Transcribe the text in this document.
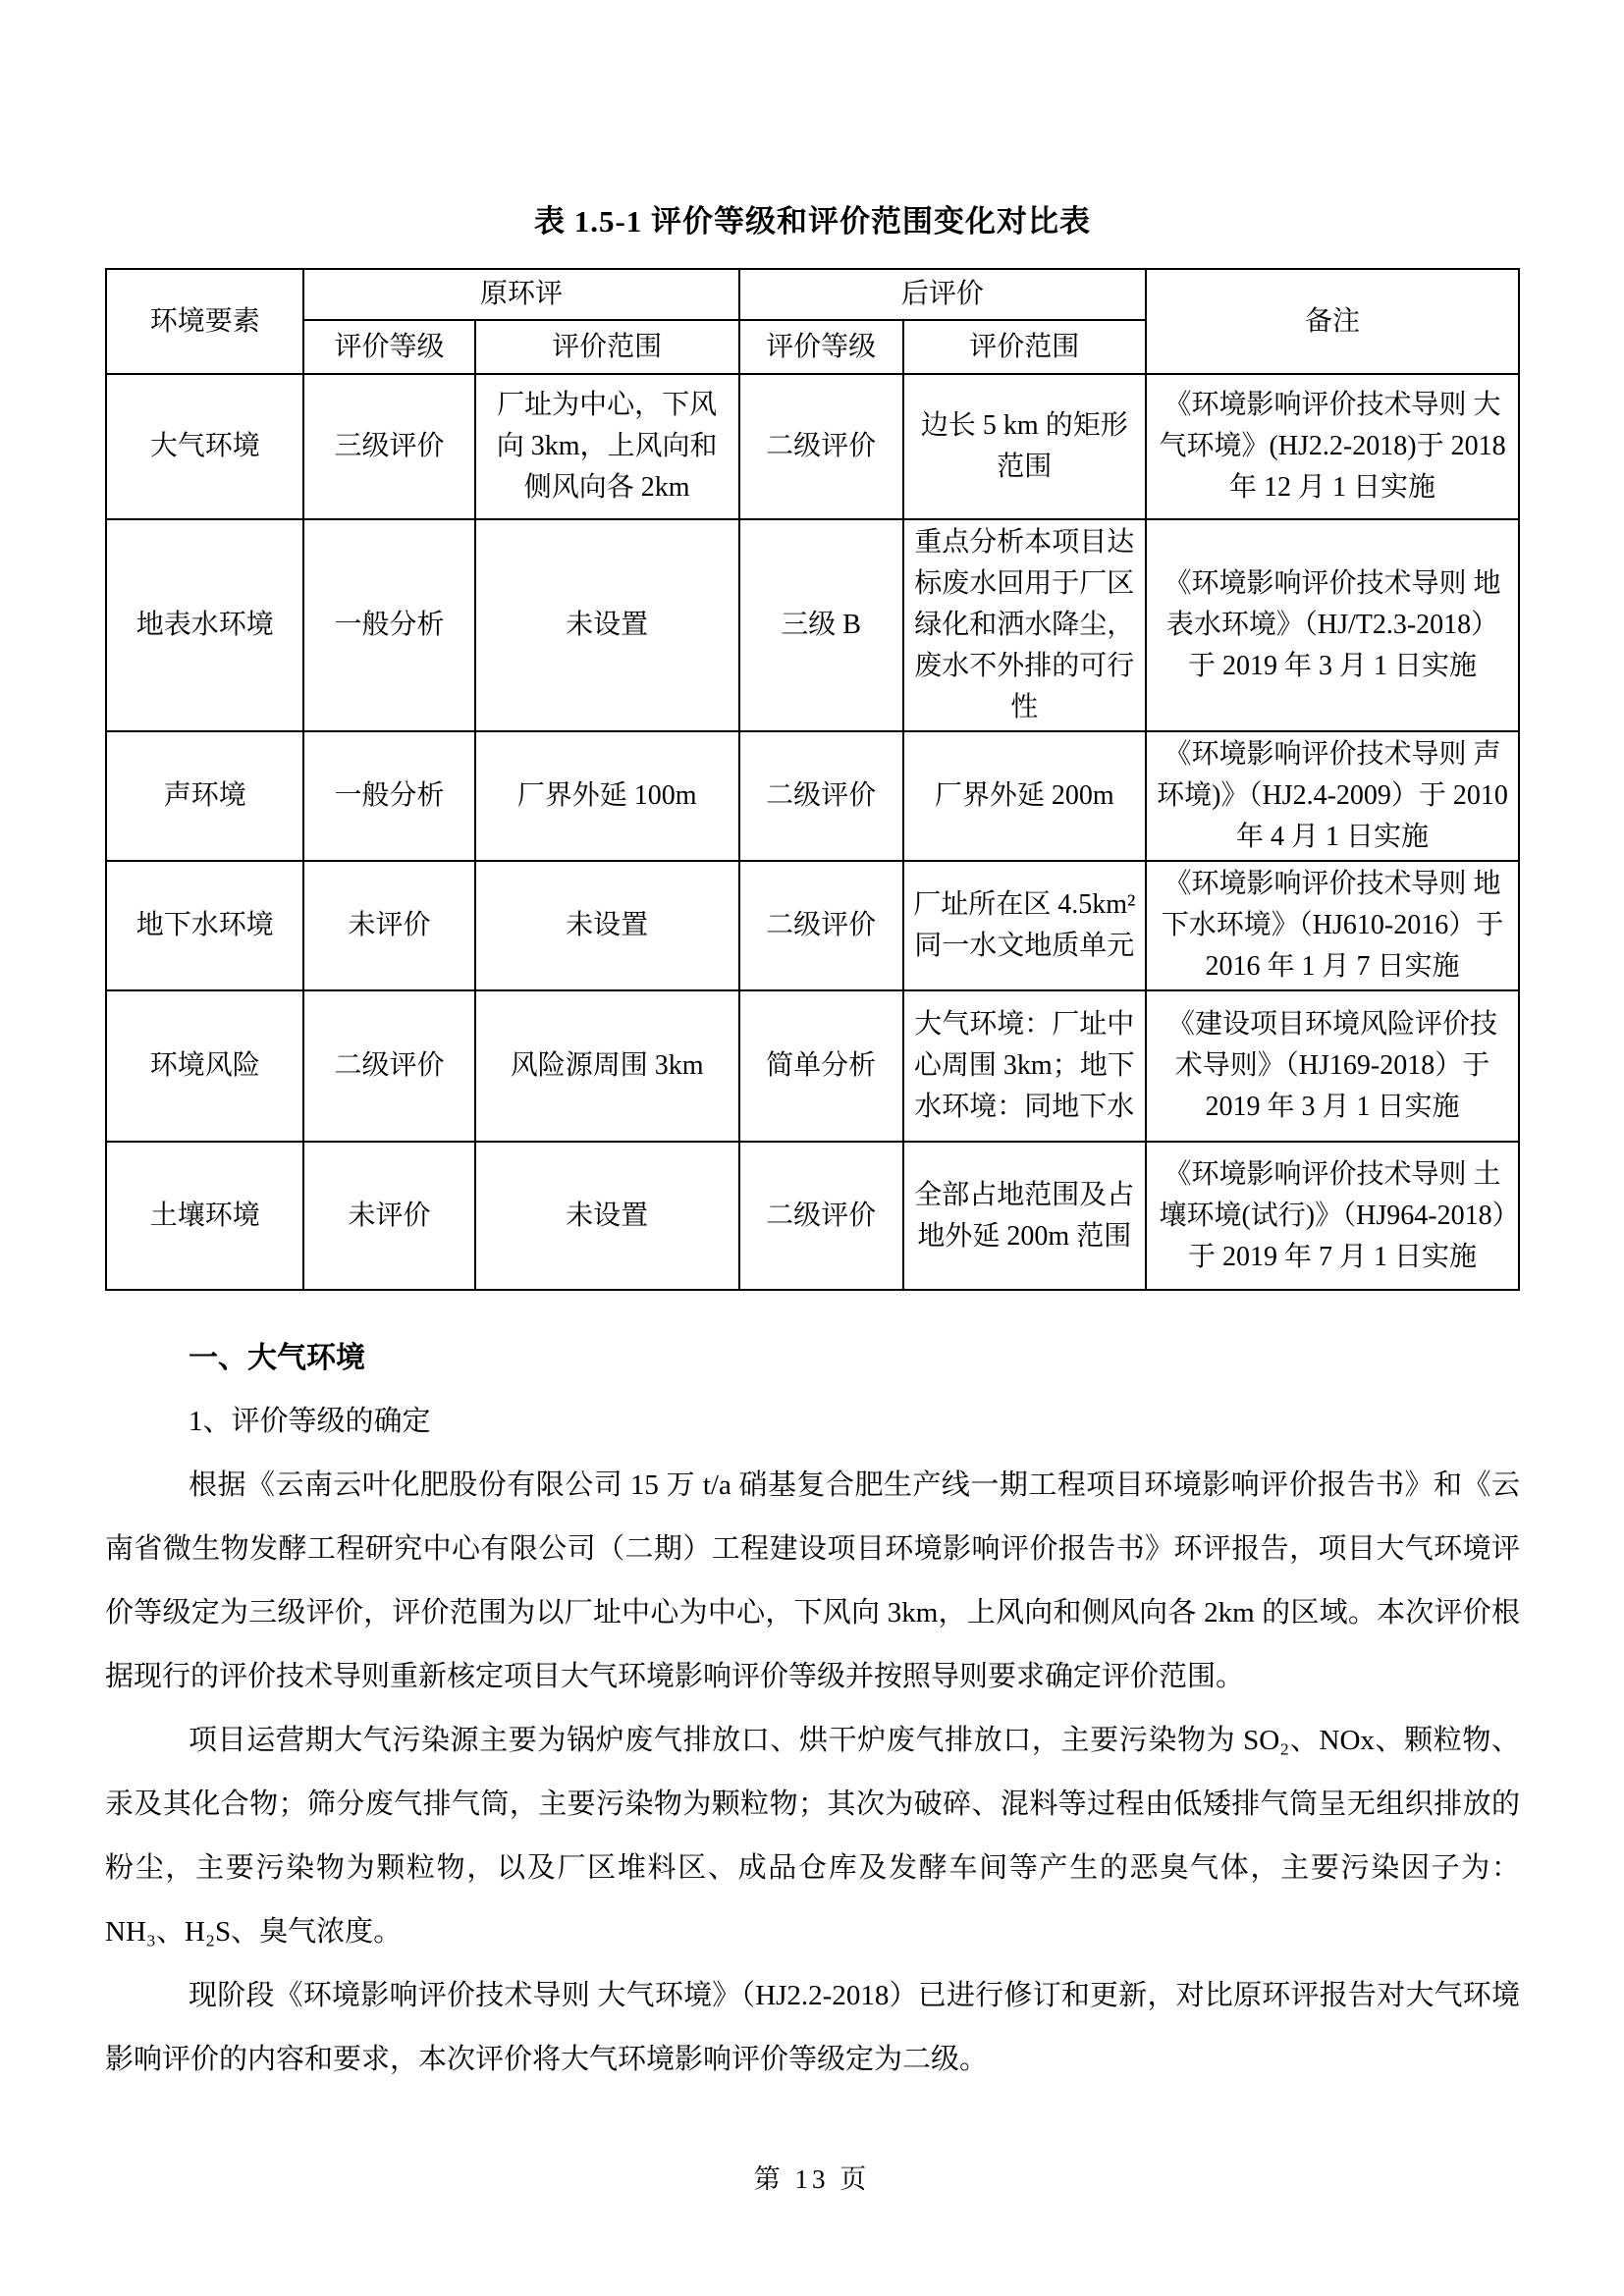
表 1.5-1 评价等级和评价范围变化对比表
环境要素	原环评		后评价		备注
	评价等级	评价范围	评价等级	评价范围	
大气环境	三级评价	厂址为中心，下风向 3km，上风向和侧风向各 2km	二级评价	边长 5 km 的矩形范围	《环境影响评价技术导则 大气环境》(HJ2.2-2018)于 2018 年 12 月 1 日实施
地表水环境	一般分析	未设置	三级 B	重点分析本项目达标废水回用于厂区绿化和洒水降尘，废水不外排的可行性	《环境影响评价技术导则 地表水环境》（HJ/T2.3-2018）于 2019 年 3 月 1 日实施
声环境	一般分析	厂界外延 100m	二级评价	厂界外延 200m	《环境影响评价技术导则 声环境)》（HJ2.4-2009）于 2010 年 4 月 1 日实施
地下水环境	未评价	未设置	二级评价	厂址所在区 4.5km² 同一水文地质单元	《环境影响评价技术导则 地下水环境》（HJ610-2016）于 2016 年 1 月 7 日实施
环境风险	二级评价	风险源周围 3km	简单分析	大气环境：厂址中心周围 3km；地下水环境：同地下水	《建设项目环境风险评价技术导则》（HJ169-2018）于 2019 年 3 月 1 日实施
土壤环境	未评价	未设置	二级评价	全部占地范围及占地外延 200m 范围	《环境影响评价技术导则 土壤环境(试行)》（HJ964-2018）于 2019 年 7 月 1 日实施
一、大气环境

1、评价等级的确定

根据《云南云叶化肥股份有限公司 15 万 t/a 硝基复合肥生产线一期工程项目环境影响评价报告书》和《云南省微生物发酵工程研究中心有限公司（二期）工程建设项目环境影响评价报告书》环评报告，项目大气环境评价等级定为三级评价，评价范围为以厂址中心为中心，下风向 3km，上风向和侧风向各 2km 的区域。本次评价根据现行的评价技术导则重新核定项目大气环境影响评价等级并按照导则要求确定评价范围。

项目运营期大气污染源主要为锅炉废气排放口、烘干炉废气排放口，主要污染物为 SO₂、NOx、颗粒物、汞及其化合物；筛分废气排气筒，主要污染物为颗粒物；其次为破碎、混料等过程由低矮排气筒呈无组织排放的粉尘，主要污染物为颗粒物，以及厂区堆料区、成品仓库及发酵车间等产生的恶臭气体，主要污染因子为：NH₃、H₂S、臭气浓度。

现阶段《环境影响评价技术导则 大气环境》（HJ2.2-2018）已进行修订和更新，对比原环评报告对大气环境影响评价的内容和要求，本次评价将大气环境影响评价等级定为二级。

第 13 页
